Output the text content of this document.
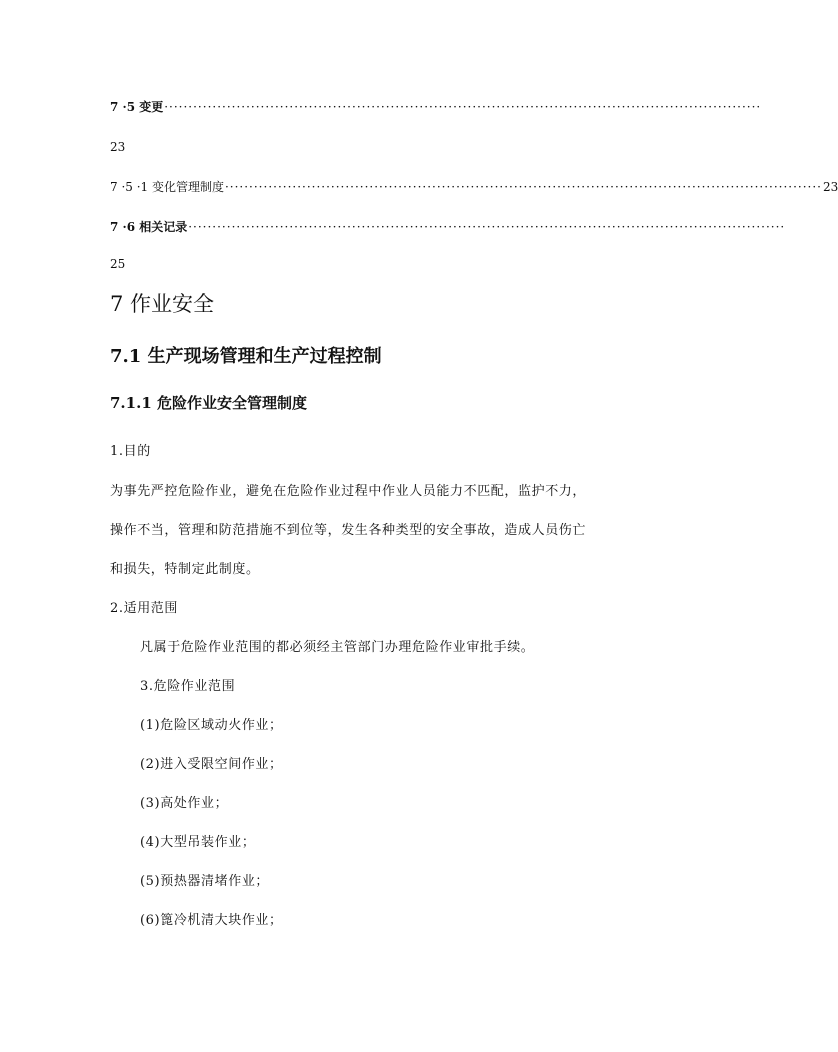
7 ·5 变更 ····························································································································
23
7 ·5 ·1 变化管理制度 ···························································································································· 23
7 ·6 相关记录 ····························································································································
25
7 作业安全
7.1 生产现场管理和生产过程控制
7.1.1 危险作业安全管理制度
1.目的
为事先严控危险作业，避免在危险作业过程中作业人员能力不匹配，监护不力，
操作不当，管理和防范措施不到位等，发生各种类型的安全事故，造成人员伤亡
和损失，特制定此制度。
2.适用范围
凡属于危险作业范围的都必须经主管部门办理危险作业审批手续。
3.危险作业范围
(1)危险区域动火作业；
(2)进入受限空间作业；
(3)高处作业；
(4)大型吊装作业；
(5)预热器清堵作业；
(6)篦冷机清大块作业；
